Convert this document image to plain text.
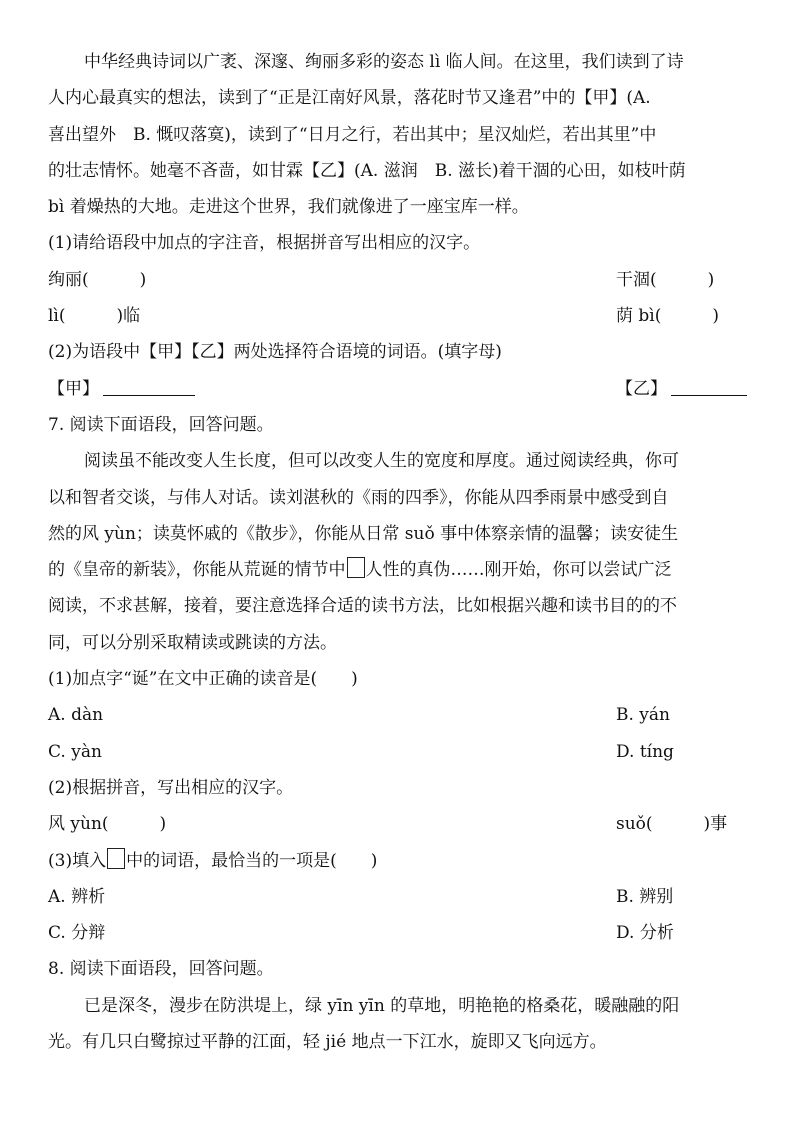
中华经典诗词以广袤、深邃、绚丽多彩的姿态 lì 临人间。在这里，我们读到了诗
人内心最真实的想法，读到了“正是江南好风景，落花时节又逢君”中的【甲】(A.
喜出望外　B. 慨叹落寞)，读到了“日月之行，若出其中；星汉灿烂，若出其里”中
的壮志情怀。她毫不吝啬，如甘霖【乙】(A. 滋润　B. 滋长)着干涸的心田，如枝叶荫
bì 着燥热的大地。走进这个世界，我们就像进了一座宝库一样。
(1)请给语段中加点的字注音，根据拼音写出相应的汉字。
绚丽(　　　)	干涸(　　　)
lì(　　　)临	荫 bì(　　　)
(2)为语段中【甲】【乙】两处选择符合语境的词语。(填字母)
【甲】	【乙】
7. 阅读下面语段，回答问题。
阅读虽不能改变人生长度，但可以改变人生的宽度和厚度。通过阅读经典，你可
以和智者交谈，与伟人对话。读刘湛秋的《雨的四季》，你能从四季雨景中感受到自
然的风 yùn；读莫怀戚的《散步》，你能从日常 suǒ 事中体察亲情的温馨；读安徒生
的《皇帝的新装》，你能从荒诞的情节中 人性的真伪……刚开始，你可以尝试广泛
阅读，不求甚解，接着，要注意选择合适的读书方法，比如根据兴趣和读书目的的不
同，可以分别采取精读或跳读的方法。
(1)加点字“诞”在文中正确的读音是(　　)
A. dàn	B. yán
C. yàn	D. tíng
(2)根据拼音，写出相应的汉字。
风 yùn(　　　)	suǒ(　　　)事
(3)填入 中的词语，最恰当的一项是(　　)
A. 辨析	B. 辨别
C. 分辩	D. 分析
8. 阅读下面语段，回答问题。
已是深冬，漫步在防洪堤上，绿 yīn yīn 的草地，明艳艳的格桑花，暖融融的阳
光。有几只白鹭掠过平静的江面，轻 jié 地点一下江水，旋即又飞向远方。
